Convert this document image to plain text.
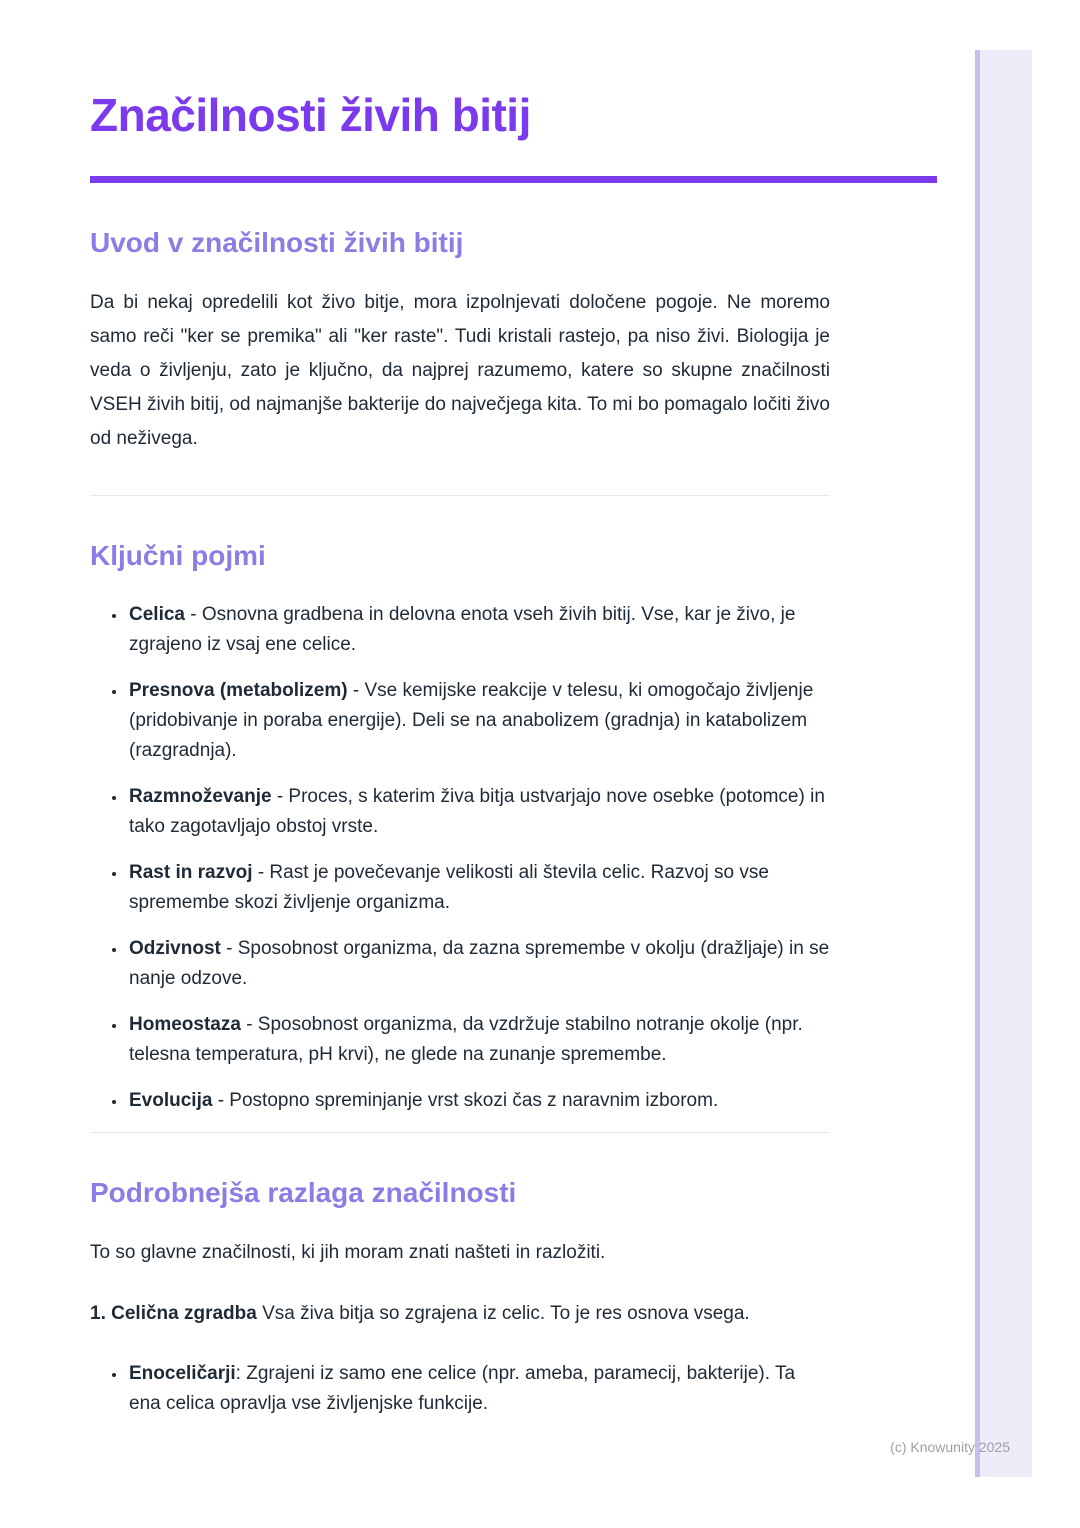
Značilnosti živih bitij
Uvod v značilnosti živih bitij

Da bi nekaj opredelili kot živo bitje, mora izpolnjevati določene pogoje. Ne moremo samo reči "ker se premika" ali "ker raste". Tudi kristali rastejo, pa niso živi. Biologija je veda o življenju, zato je ključno, da najprej razumemo, katere so skupne značilnosti VSEH živih bitij, od najmanjše bakterije do največjega kita. To mi bo pomagalo ločiti živo od neživega.

Ključni pojmi
• Celica - Osnovna gradbena in delovna enota vseh živih bitij. Vse, kar je živo, je zgrajeno iz vsaj ene celice.
• Presnova (metabolizem) - Vse kemijske reakcije v telesu, ki omogočajo življenje (pridobivanje in poraba energije). Deli se na anabolizem (gradnja) in katabolizem (razgradnja).
• Razmnoževanje - Proces, s katerim živa bitja ustvarjajo nove osebke (potomce) in tako zagotavljajo obstoj vrste.
• Rast in razvoj - Rast je povečevanje velikosti ali števila celic. Razvoj so vse spremembe skozi življenje organizma.
• Odzivnost - Sposobnost organizma, da zazna spremembe v okolju (dražljaje) in se nanje odzove.
• Homeostaza - Sposobnost organizma, da vzdržuje stabilno notranje okolje (npr. telesna temperatura, pH krvi), ne glede na zunanje spremembe.
• Evolucija - Postopno spreminjanje vrst skozi čas z naravnim izborom.
Podrobnejša razlaga značilnosti

To so glavne značilnosti, ki jih moram znati našteti in razložiti.

1. Celična zgradba Vsa živa bitja so zgrajena iz celic. To je res osnova vsega.

• Enoceličarji: Zgrajeni iz samo ene celice (npr. ameba, paramecij, bakterije). Ta ena celica opravlja vse življenjske funkcije.
(c) Knowunity 2025
